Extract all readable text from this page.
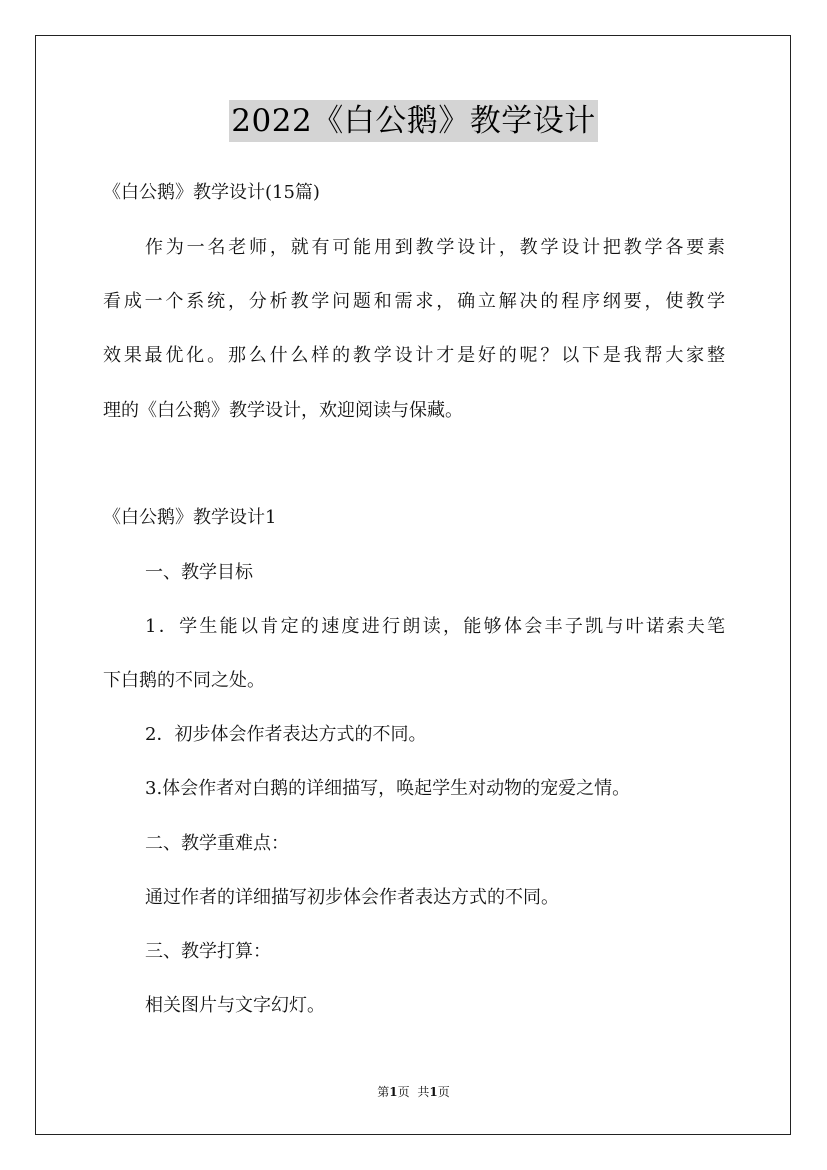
2022《白公鹅》教学设计
《白公鹅》教学设计(15篇)
作为一名老师，就有可能用到教学设计，教学设计把教学各要素
看成一个系统，分析教学问题和需求，确立解决的程序纲要，使教学
效果最优化。那么什么样的教学设计才是好的呢？以下是我帮大家整
理的《白公鹅》教学设计，欢迎阅读与保藏。
《白公鹅》教学设计1
一、教学目标
1．学生能以肯定的速度进行朗读，能够体会丰子凯与叶诺索夫笔
下白鹅的不同之处。
2．初步体会作者表达方式的不同。
3.体会作者对白鹅的详细描写，唤起学生对动物的宠爱之情。
二、教学重难点：
通过作者的详细描写初步体会作者表达方式的不同。
三、教学打算：
相关图片与文字幻灯。
第1页 共1页
